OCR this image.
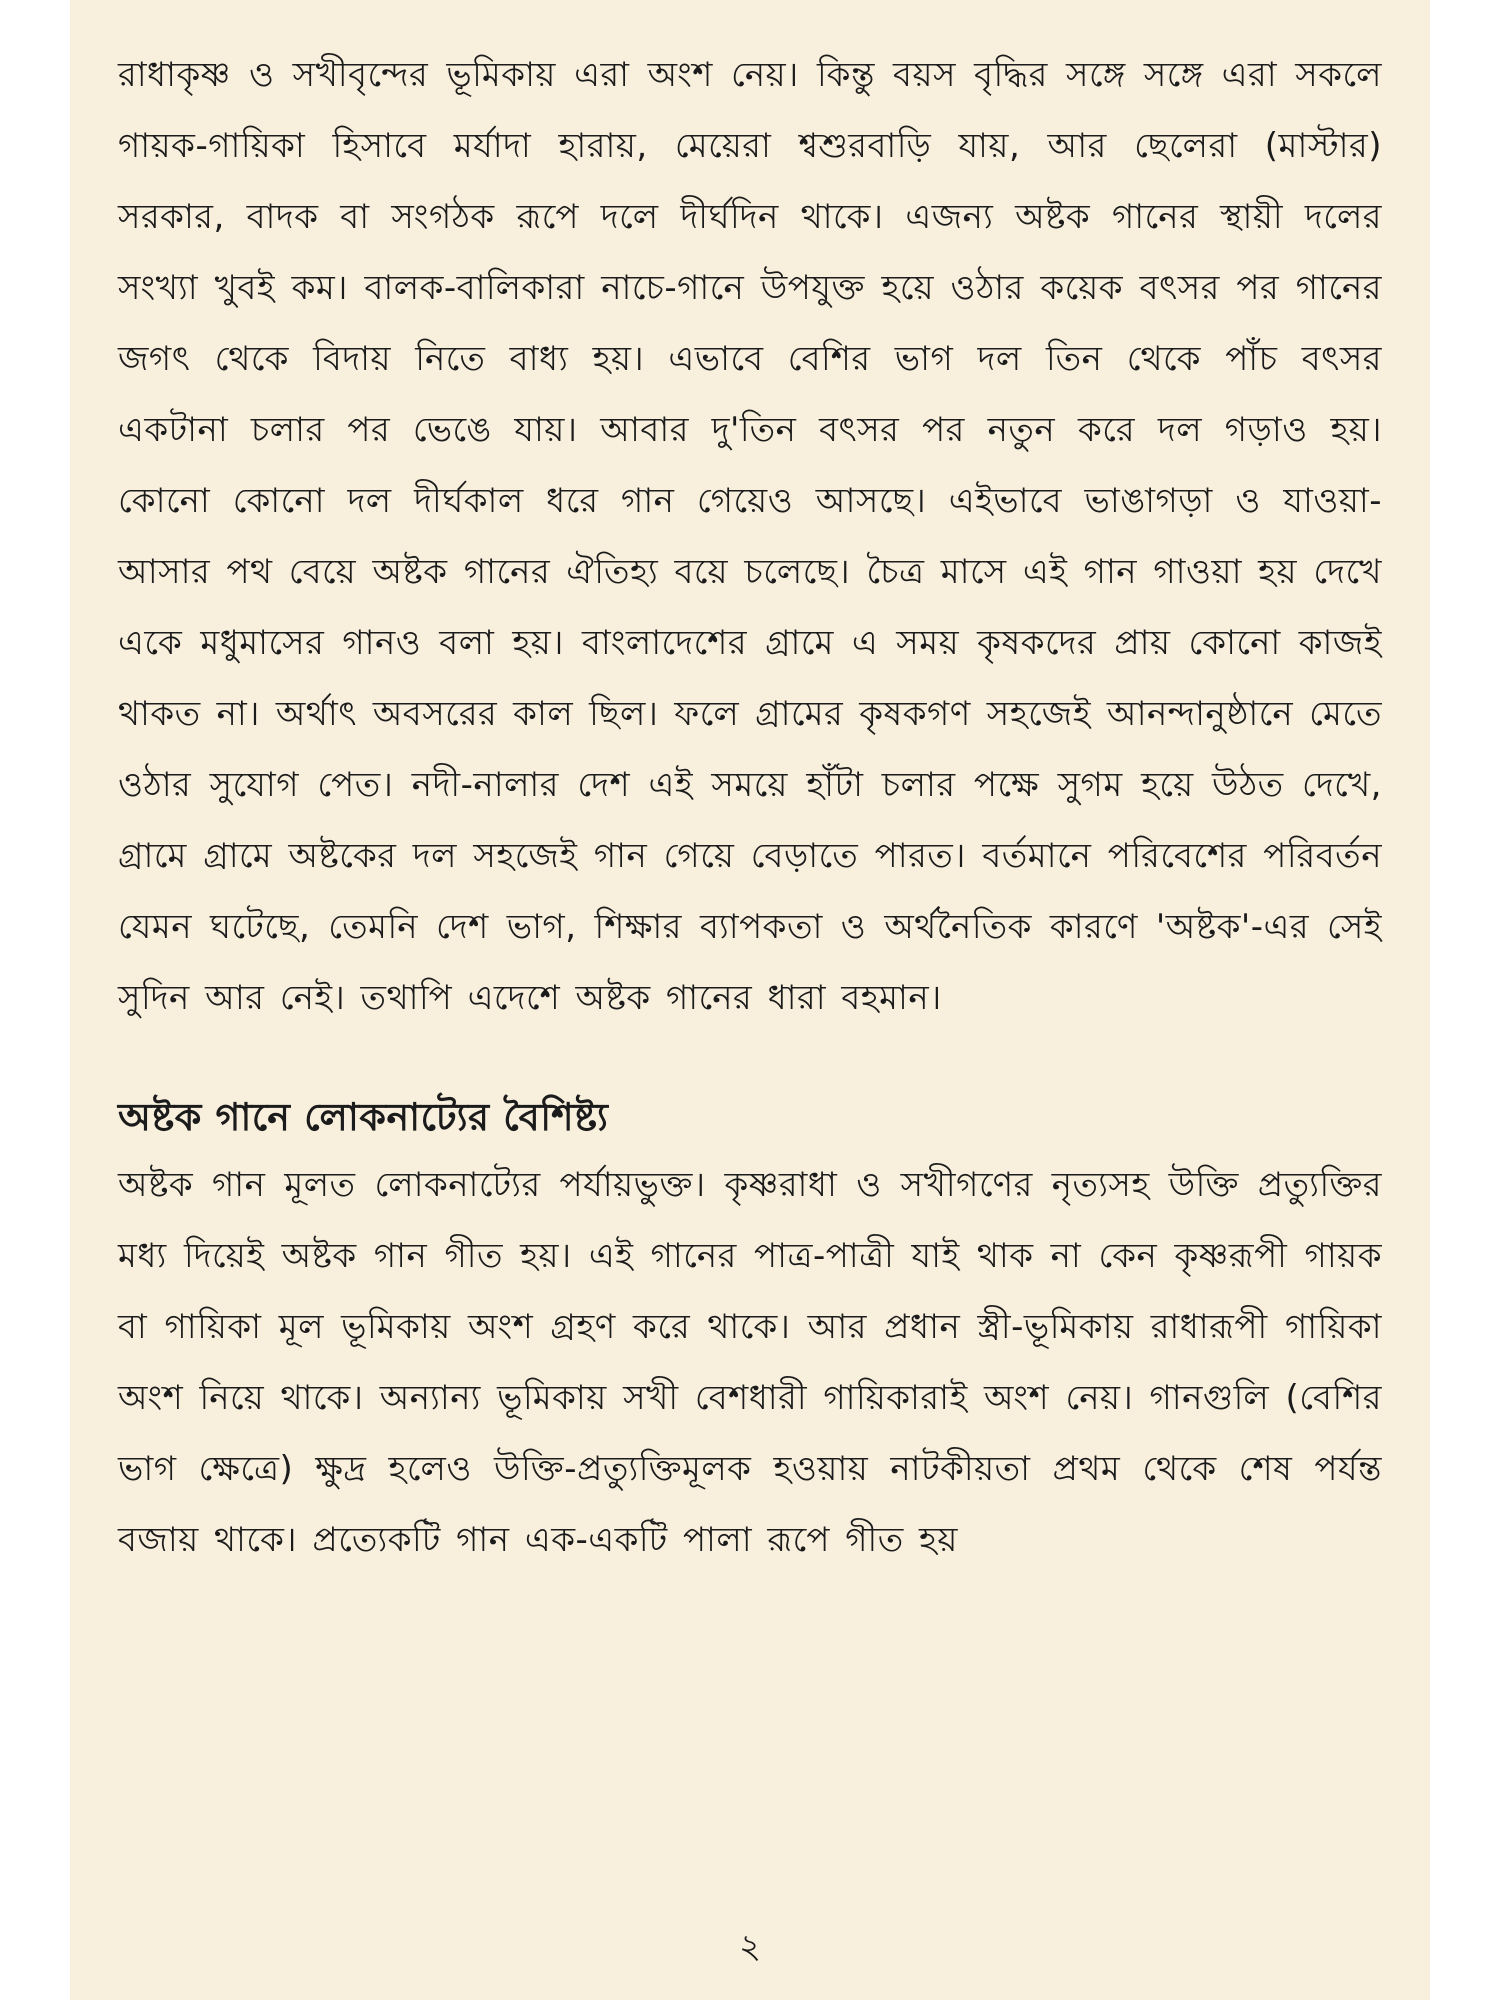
রাধাকৃষ্ণ ও সখীবৃন্দের ভূমিকায় এরা অংশ নেয়। কিন্তু বয়স বৃদ্ধির সঙ্গে সঙ্গে এরা সকলে গায়ক-গায়িকা হিসাবে মর্যাদা হারায়, মেয়েরা শ্বশুরবাড়ি যায়, আর ছেলেরা (মাস্টার) সরকার, বাদক বা সংগঠক রূপে দলে দীর্ঘদিন থাকে। এজন্য অষ্টক গানের স্থায়ী দলের সংখ্যা খুবই কম। বালক-বালিকারা নাচে-গানে উপযুক্ত হয়ে ওঠার কয়েক বৎসর পর গানের জগৎ থেকে বিদায় নিতে বাধ্য হয়। এভাবে বেশির ভাগ দল তিন থেকে পাঁচ বৎসর একটানা চলার পর ভেঙে যায়। আবার দু'তিন বৎসর পর নতুন করে দল গড়াও হয়। কোনো কোনো দল দীর্ঘকাল ধরে গান গেয়েও আসছে। এইভাবে ভাঙাগড়া ও যাওয়া-আসার পথ বেয়ে অষ্টক গানের ঐতিহ্য বয়ে চলেছে। চৈত্র মাসে এই গান গাওয়া হয় দেখে একে মধুমাসের গানও বলা হয়। বাংলাদেশের গ্রামে এ সময় কৃষকদের প্রায় কোনো কাজই থাকত না। অর্থাৎ অবসরের কাল ছিল। ফলে গ্রামের কৃষকগণ সহজেই আনন্দানুষ্ঠানে মেতে ওঠার সুযোগ পেত। নদী-নালার দেশ এই সময়ে হাঁটা চলার পক্ষে সুগম হয়ে উঠত দেখে, গ্রামে গ্রামে অষ্টকের দল সহজেই গান গেয়ে বেড়াতে পারত। বর্তমানে পরিবেশের পরিবর্তন যেমন ঘটেছে, তেমনি দেশ ভাগ, শিক্ষার ব্যাপকতা ও অর্থনৈতিক কারণে 'অষ্টক'-এর সেই সুদিন আর নেই। তথাপি এদেশে অষ্টক গানের ধারা বহমান।

অষ্টক গানে লোকনাট্যের বৈশিষ্ট্য

অষ্টক গান মূলত লোকনাট্যের পর্যায়ভুক্ত। কৃষ্ণরাধা ও সখীগণের নৃত্যসহ উক্তি প্রত্যুক্তির মধ্য দিয়েই অষ্টক গান গীত হয়। এই গানের পাত্র-পাত্রী যাই থাক না কেন কৃষ্ণরূপী গায়ক বা গায়িকা মূল ভূমিকায় অংশ গ্রহণ করে থাকে। আর প্রধান স্ত্রী-ভূমিকায় রাধারূপী গায়িকা অংশ নিয়ে থাকে। অন্যান্য ভূমিকায় সখী বেশধারী গায়িকারাই অংশ নেয়। গানগুলি (বেশির ভাগ ক্ষেত্রে) ক্ষুদ্র হলেও উক্তি-প্রত্যুক্তিমূলক হওয়ায় নাটকীয়তা প্রথম থেকে শেষ পর্যন্ত বজায় থাকে। প্রত্যেকটি গান এক-একটি পালা রূপে গীত হয়

২
